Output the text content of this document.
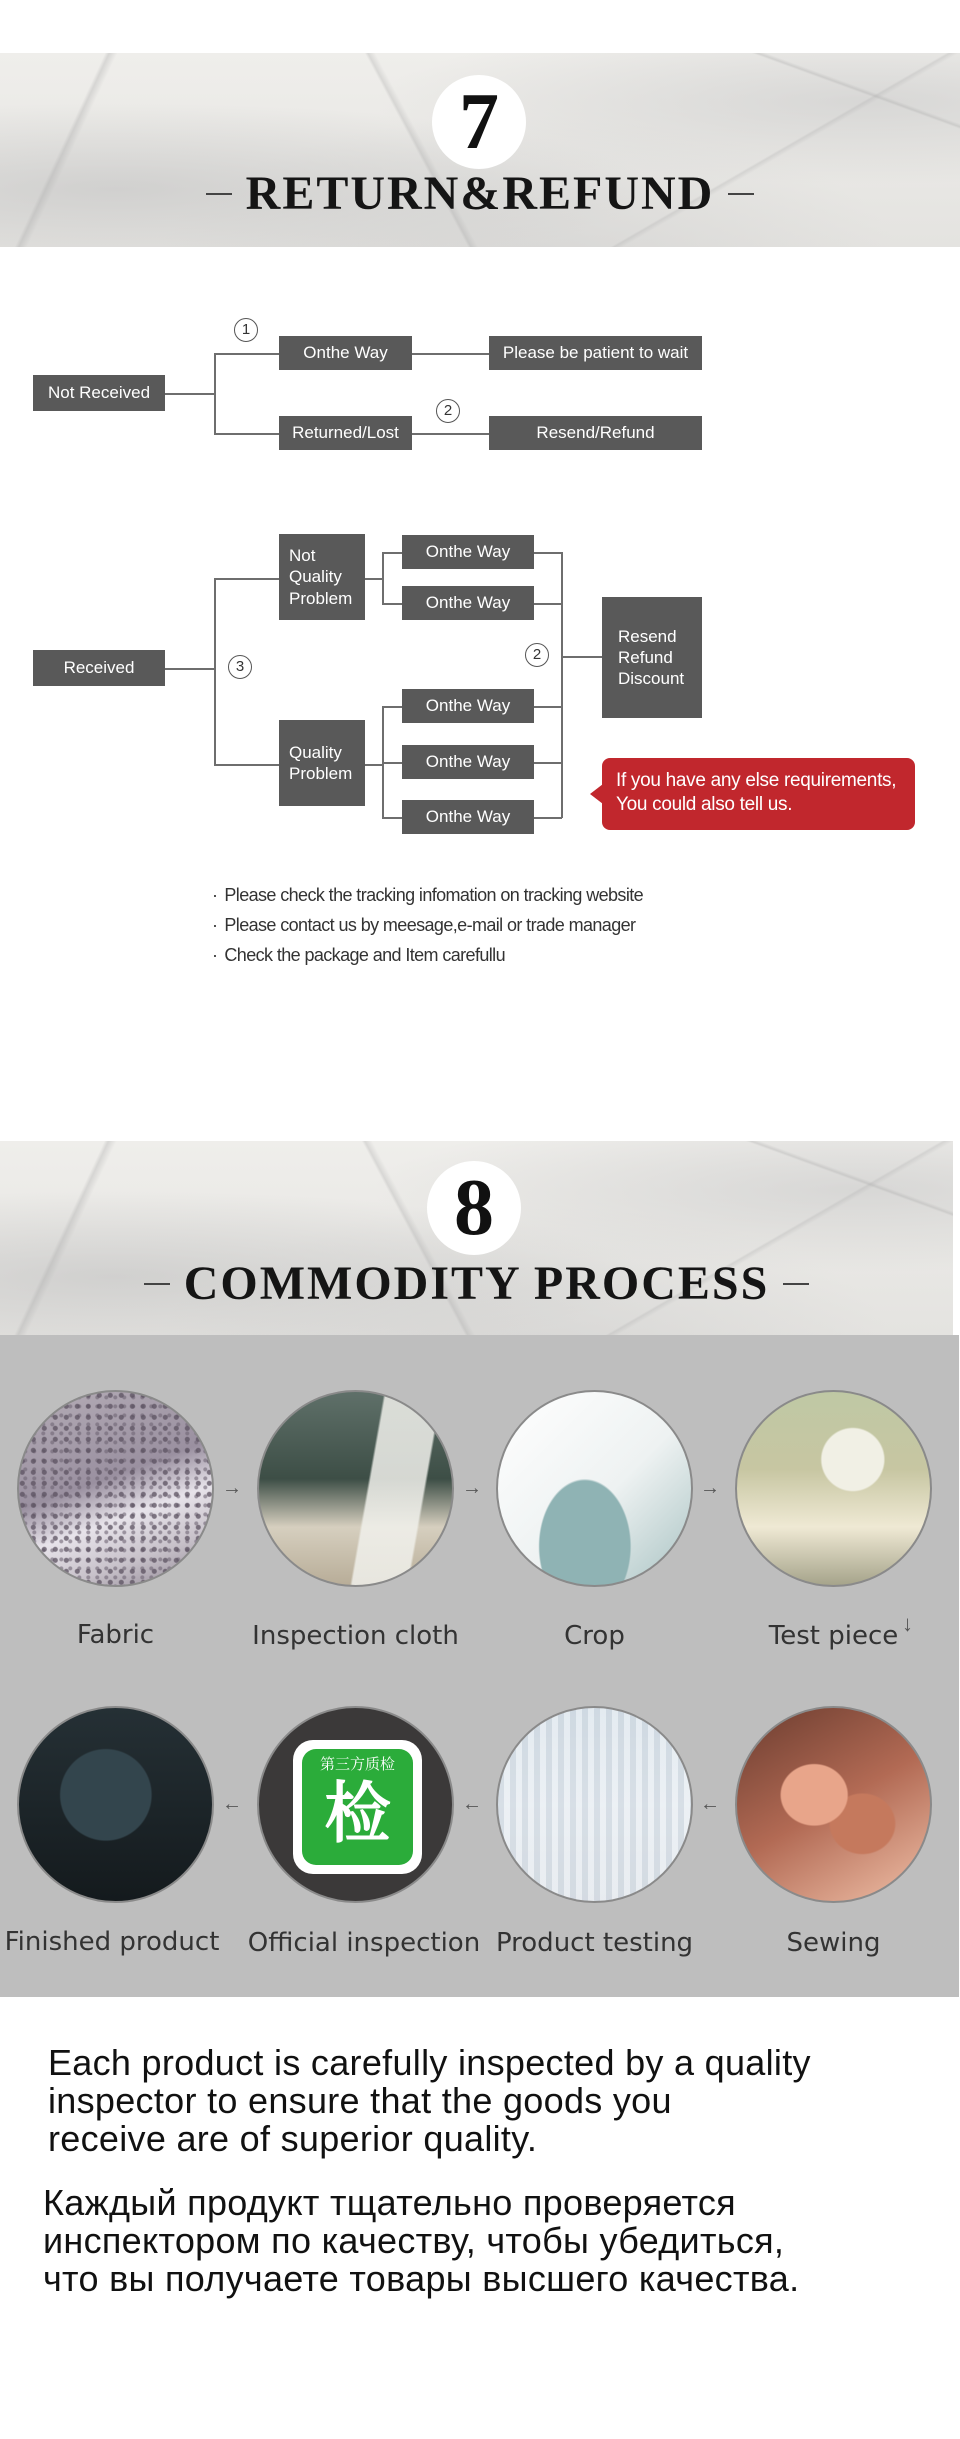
7
RETURN&REFUND
Not Received
1
Onthe Way	Please be patient to wait
Returned/Lost
2
Resend/Refund
Received	3
Not Quality Problem
Quality Problem
Onthe Way
Onthe Way
Onthe Way
Onthe Way
Onthe Way
2
Resend Refund Discount
If you have any else requirements,
You could also tell us.
· Please check the tracking infomation on tracking website
· Please contact us by meesage,e-mail or trade manager
· Check the package and Item carefullu
8
COMMODITY PROCESS
→	→	→
Fabric	Inspection cloth	Crop	Test piece ↓
←
第三方质检
检	←	←
Finished product Official inspection Product testing	Sewing
Each product is carefully inspected by a quality
inspector to ensure that the goods you
receive are of superior quality.
Каждый продукт тщательно проверяется
инспектором по качеству, чтобы убедиться,
что вы получаете товары высшего качества.
